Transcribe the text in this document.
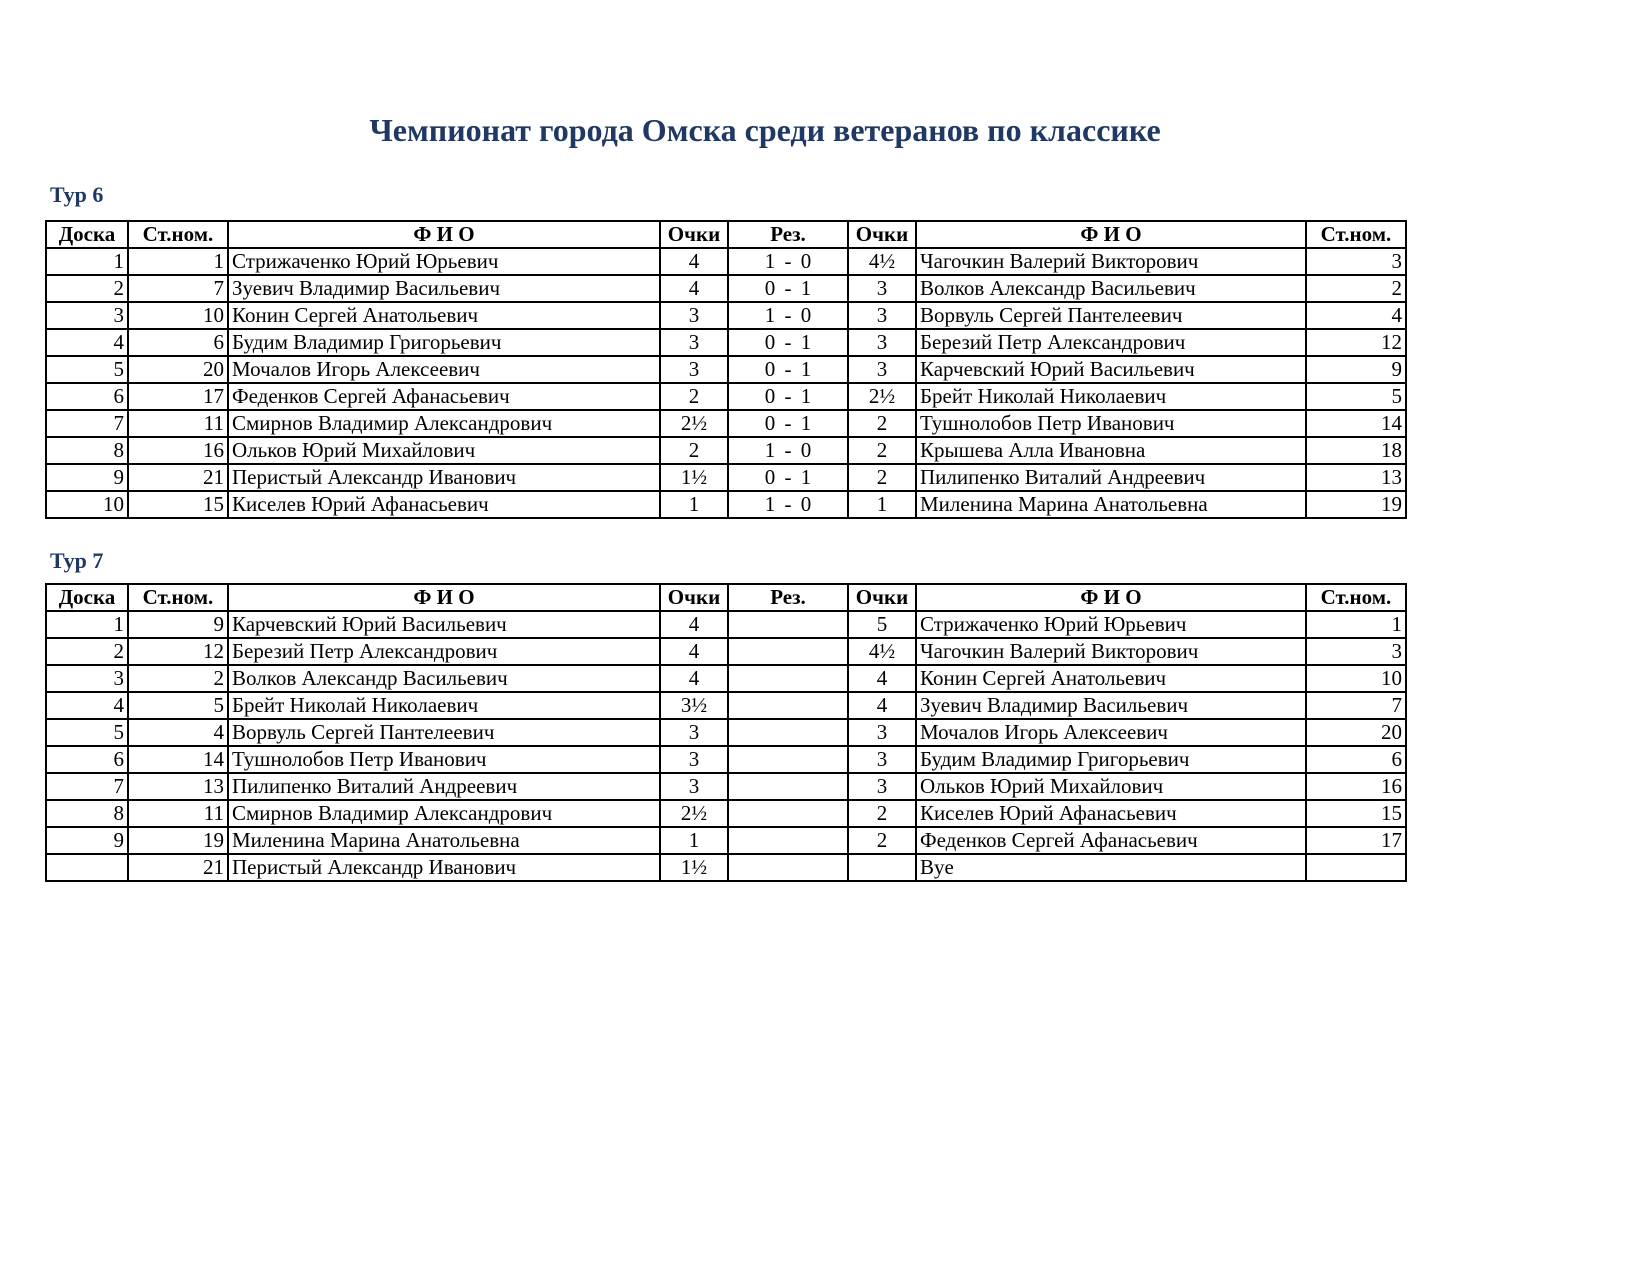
Чемпионат города Омска среди ветеранов по классике
Тур 6
Доска	Ст.ном.	Ф И О	Очки	Рез.	Очки	Ф И О	Ст.ном.
1	1	Стрижаченко Юрий Юрьевич	4	1 - 0	4½	Чагочкин Валерий Викторович	3
2	7	Зуевич Владимир Васильевич	4	0 - 1	3	Волков Александр Васильевич	2
3	10	Конин Сергей Анатольевич	3	1 - 0	3	Ворвуль Сергей Пантелеевич	4
4	6	Будим Владимир Григорьевич	3	0 - 1	3	Березий Петр Александрович	12
5	20	Мочалов Игорь Алексеевич	3	0 - 1	3	Карчевский Юрий Васильевич	9
6	17	Феденков Сергей Афанасьевич	2	0 - 1	2½	Брейт Николай Николаевич	5
7	11	Смирнов Владимир Александрович	2½	0 - 1	2	Тушнолобов Петр Иванович	14
8	16	Ольков Юрий Михайлович	2	1 - 0	2	Крышева Алла Ивановна	18
9	21	Перистый Александр Иванович	1½	0 - 1	2	Пилипенко Виталий Андреевич	13
10	15	Киселев Юрий Афанасьевич	1	1 - 0	1	Миленина Марина Анатольевна	19
Тур 7
Доска	Ст.ном.	Ф И О	Очки	Рез.	Очки	Ф И О	Ст.ном.
1	9	Карчевский Юрий Васильевич	4		5	Стрижаченко Юрий Юрьевич	1
2	12	Березий Петр Александрович	4		4½	Чагочкин Валерий Викторович	3
3	2	Волков Александр Васильевич	4		4	Конин Сергей Анатольевич	10
4	5	Брейт Николай Николаевич	3½		4	Зуевич Владимир Васильевич	7
5	4	Ворвуль Сергей Пантелеевич	3		3	Мочалов Игорь Алексеевич	20
6	14	Тушнолобов Петр Иванович	3		3	Будим Владимир Григорьевич	6
7	13	Пилипенко Виталий Андреевич	3		3	Ольков Юрий Михайлович	16
8	11	Смирнов Владимир Александрович	2½		2	Киселев Юрий Афанасьевич	15
9	19	Миленина Марина Анатольевна	1		2	Феденков Сергей Афанасьевич	17
	21	Перистый Александр Иванович	1½			Bye	
